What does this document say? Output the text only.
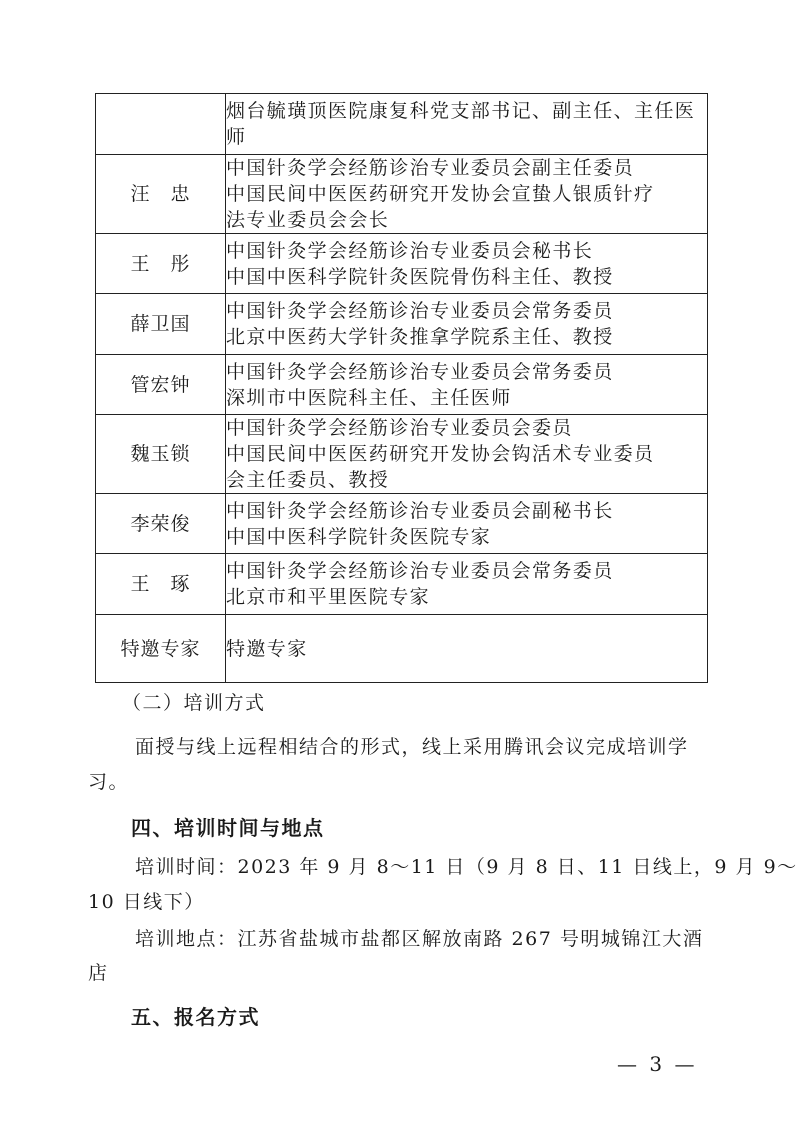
	烟台毓璜顶医院康复科党支部书记、副主任、主任医
师

汪　忠	中国针灸学会经筋诊治专业委员会副主任委员
中国民间中医医药研究开发协会宣蛰人银质针疗
法专业委员会会长

王　彤	中国针灸学会经筋诊治专业委员会秘书长
中国中医科学院针灸医院骨伤科主任、教授

薛卫国	中国针灸学会经筋诊治专业委员会常务委员
北京中医药大学针灸推拿学院系主任、教授

管宏钟	中国针灸学会经筋诊治专业委员会常务委员
深圳市中医院科主任、主任医师

魏玉锁	中国针灸学会经筋诊治专业委员会委员
中国民间中医医药研究开发协会钩活术专业委员
会主任委员、教授

李荣俊	中国针灸学会经筋诊治专业委员会副秘书长
中国中医科学院针灸医院专家

王　琢	中国针灸学会经筋诊治专业委员会常务委员
北京市和平里医院专家

特邀专家	特邀专家
（二）培训方式
面授与线上远程相结合的形式，线上采用腾讯会议完成培训学
习。
四、培训时间与地点
培训时间：2023 年 9 月 8～11 日（9 月 8 日、11 日线上，9 月 9～
10 日线下）
培训地点：江苏省盐城市盐都区解放南路 267 号明城锦江大酒
店
五、报名方式
— 3 —
